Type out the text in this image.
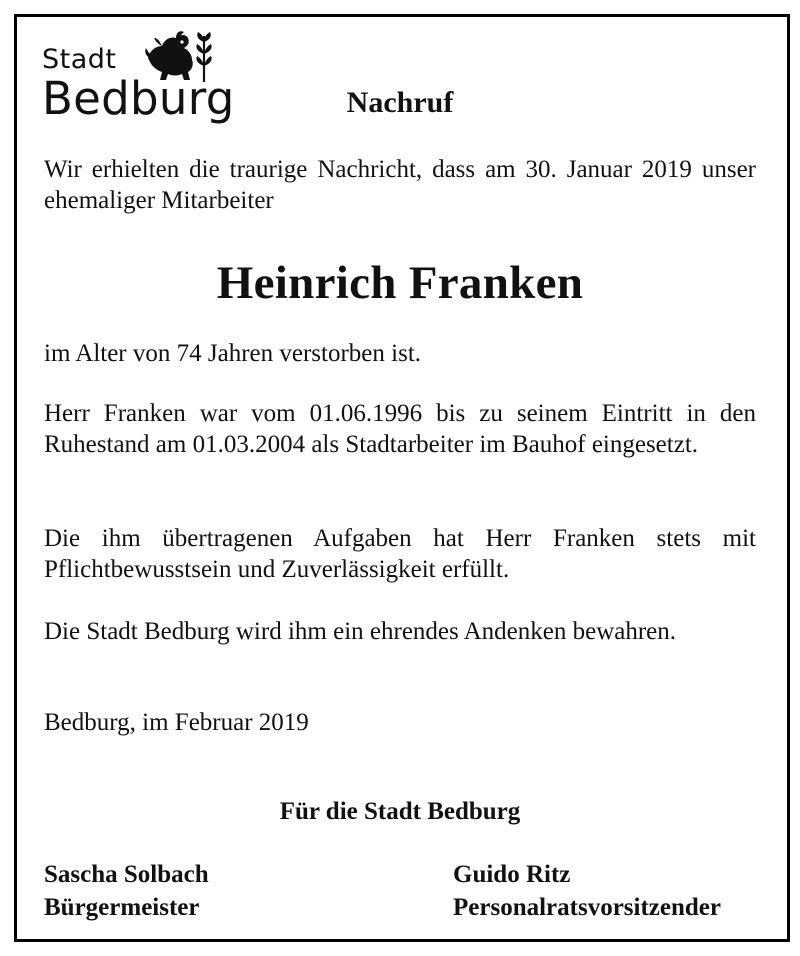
Stadt
Bedburg	Nachruf
Wir erhielten die traurige Nachricht, dass am 30. Januar 2019 unser ehemaliger Mitarbeiter
Heinrich Franken
im Alter von 74 Jahren verstorben ist.
Herr Franken war vom 01.06.1996 bis zu seinem Eintritt in den Ruhestand am 01.03.2004 als Stadtarbeiter im Bauhof eingesetzt.
Die ihm übertragenen Aufgaben hat Herr Franken stets mit Pflichtbewusstsein und Zuverlässigkeit erfüllt.
Die Stadt Bedburg wird ihm ein ehrendes Andenken bewahren.
Bedburg, im Februar 2019
Für die Stadt Bedburg
Sascha Solbach
Bürgermeister
Guido Ritz
Personalratsvorsitzender
